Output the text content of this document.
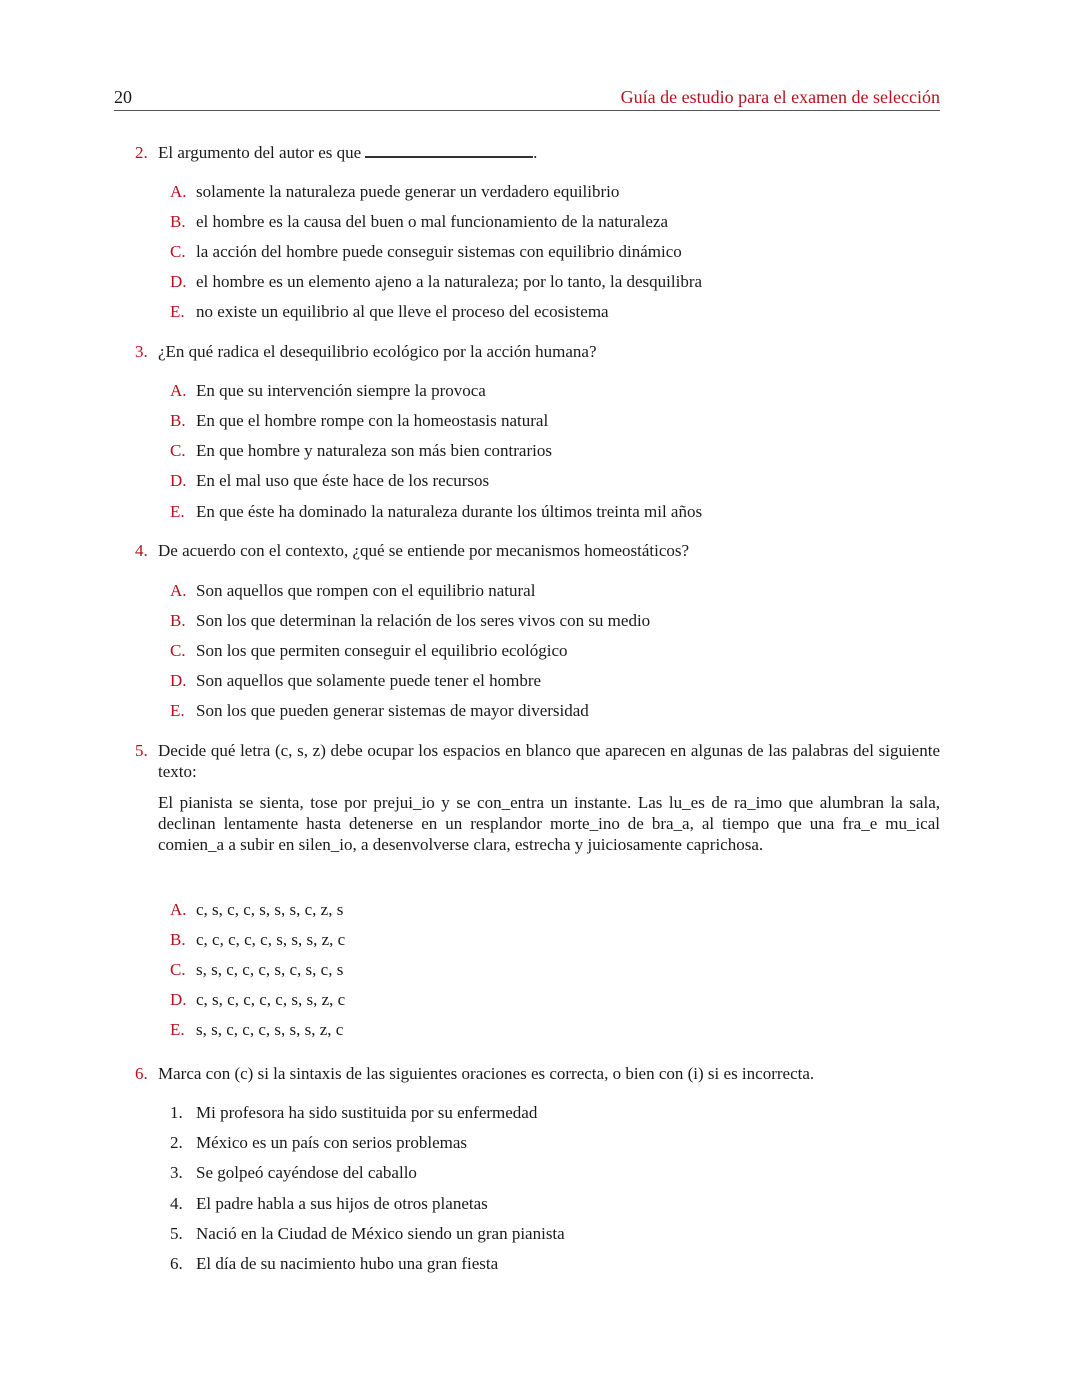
20	Guía de estudio para el examen de selección
2. El argumento del autor es que	.
A. solamente la naturaleza puede generar un verdadero equilibrio
B. el hombre es la causa del buen o mal funcionamiento de la naturaleza
C. la acción del hombre puede conseguir sistemas con equilibrio dinámico
D. el hombre es un elemento ajeno a la naturaleza; por lo tanto, la desquilibra
E. no existe un equilibrio al que lleve el proceso del ecosistema
3. ¿En qué radica el desequilibrio ecológico por la acción humana?
A. En que su intervención siempre la provoca
B. En que el hombre rompe con la homeostasis natural
C. En que hombre y naturaleza son más bien contrarios
D. En el mal uso que éste hace de los recursos
E. En que éste ha dominado la naturaleza durante los últimos treinta mil años
4. De acuerdo con el contexto, ¿qué se entiende por mecanismos homeostáticos?
A. Son aquellos que rompen con el equilibrio natural
B. Son los que determinan la relación de los seres vivos con su medio
C. Son los que permiten conseguir el equilibrio ecológico
D. Son aquellos que solamente puede tener el hombre
E. Son los que pueden generar sistemas de mayor diversidad
5. Decide qué letra (c, s, z) debe ocupar los espacios en blanco que aparecen en algunas de las palabras del siguiente texto:
El pianista se sienta, tose por prejui_io y se con_entra un instante. Las lu_es de ra_imo que alumbran la sala, declinan lentamente hasta detenerse en un resplandor morte_ino de bra_a, al tiempo que una fra_e mu_ical comien_a a subir en silen_io, a desenvolverse clara, estrecha y juiciosamente caprichosa.
A. c, s, c, c, s, s, s, c, z, s
B. c, c, c, c, c, s, s, s, z, c
C. s, s, c, c, c, s, c, s, c, s
D. c, s, c, c, c, c, s, s, z, c
E. s, s, c, c, c, s, s, s, z, c
6. Marca con (c) si la sintaxis de las siguientes oraciones es correcta, o bien con (i) si es incorrecta.
1. Mi profesora ha sido sustituida por su enfermedad
2. México es un país con serios problemas
3. Se golpeó cayéndose del caballo
4. El padre habla a sus hijos de otros planetas
5. Nació en la Ciudad de México siendo un gran pianista
6. El día de su nacimiento hubo una gran fiesta
